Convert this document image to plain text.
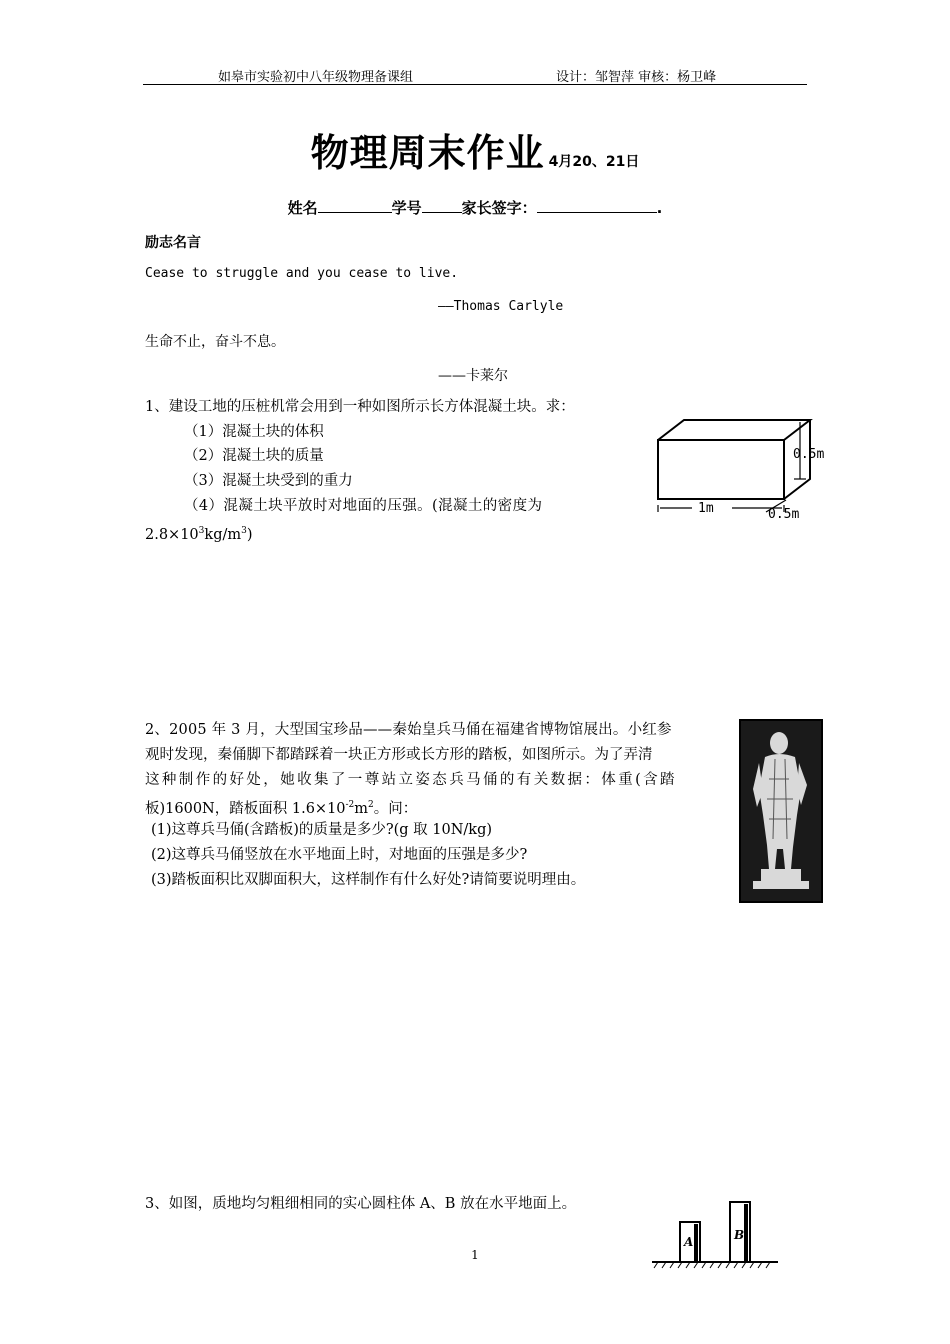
如皋市实验初中八年级物理备课组	设计：邹智萍 审核：杨卫峰
物理周末作业 4月20、21日
姓名	学号	家长签字：	.
励志名言
Cease to struggle and you cease to live.
——Thomas Carlyle
生命不止，奋斗不息。
——卡莱尔
1、建设工地的压桩机常会用到一种如图所示长方体混凝土块。求：
（1）混凝土块的体积
（2）混凝土块的质量
（3）混凝土块受到的重力
（4）混凝土块平放时对地面的压强。(混凝土的密度为
$2.8\times 10^3kg/m^3$)
0.5m
1m	0.5m
2、2005 年 3 月，大型国宝珍品——秦始皇兵马俑在福建省博物馆展出。小红参
观时发现，秦俑脚下都踏踩着一块正方形或长方形的踏板，如图所示。为了弄清
这种制作的好处，她收集了一尊站立姿态兵马俑的有关数据：体重(含踏
板)1600N，踏板面积 $1.6\times 10^{-2}m^2$。问：
(1)这尊兵马俑(含踏板)的质量是多少?(g 取 10N/kg)
(2)这尊兵马俑竖放在水平地面上时，对地面的压强是多少?
(3)踏板面积比双脚面积大，这样制作有什么好处?请简要说明理由。
3、如图，质地均匀粗细相同的实心圆柱体 A、B 放在水平地面上。
A	B
1
